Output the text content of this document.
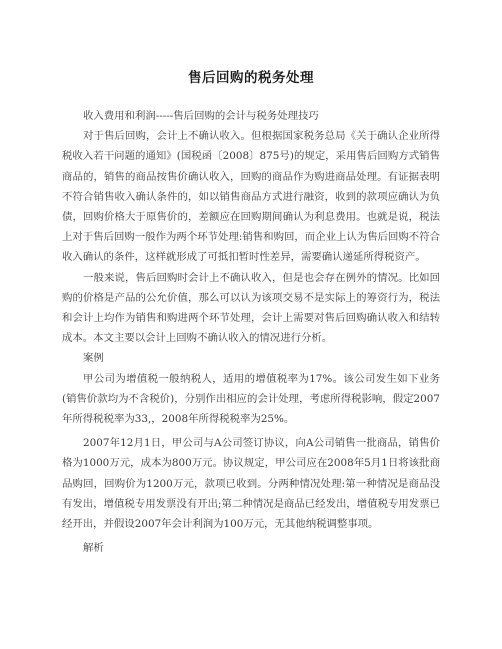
售后回购的税务处理

收入费用和利润-----售后回购的会计与税务处理技巧

对于售后回购，会计上不确认收入。但根据国家税务总局《关于确认企业所得税收入若干问题的通知》(国税函〔2008〕875号)的规定，采用售后回购方式销售商品的，销售的商品按售价确认收入，回购的商品作为购进商品处理。有证据表明不符合销售收入确认条件的，如以销售商品方式进行融资，收到的款项应确认为负债，回购价格大于原售价的，差额应在回购期间确认为利息费用。也就是说，税法上对于售后回购一般作为两个环节处理:销售和购回，而企业上认为售后回购不符合收入确认的条件，这样就形成了可抵扣暂时性差异，需要确认递延所得税资产。

一般来说，售后回购时会计上不确认收入，但是也会存在例外的情况。比如回购的价格是产品的公允价值，那么可以认为该项交易不是实际上的筹资行为，税法和会计上均作为销售和购进两个环节处理，会计上需要对售后回购确认收入和结转成本。本文主要以会计上回购不确认收入的情况进行分析。

案例

甲公司为增值税一般纳税人，适用的增值税率为17%。该公司发生如下业务(销售价款均为不含税价)，分别作出相应的会计处理，考虑所得税影响，假定2007年所得税税率为33,，2008年所得税税率为25%。

2007年12月1日，甲公司与A公司签订协议，向A公司销售一批商品，销售价格为1000万元，成本为800万元。协议规定，甲公司应在2008年5月1日将该批商品购回，回购价为1200万元，款项已收到。分两种情况处理:第一种情况是商品没有发出，增值税专用发票没有开出;第二种情况是商品已经发出，增值税专用发票已经开出，并假设2007年会计利润为100万元，无其他纳税调整事项。

解析
